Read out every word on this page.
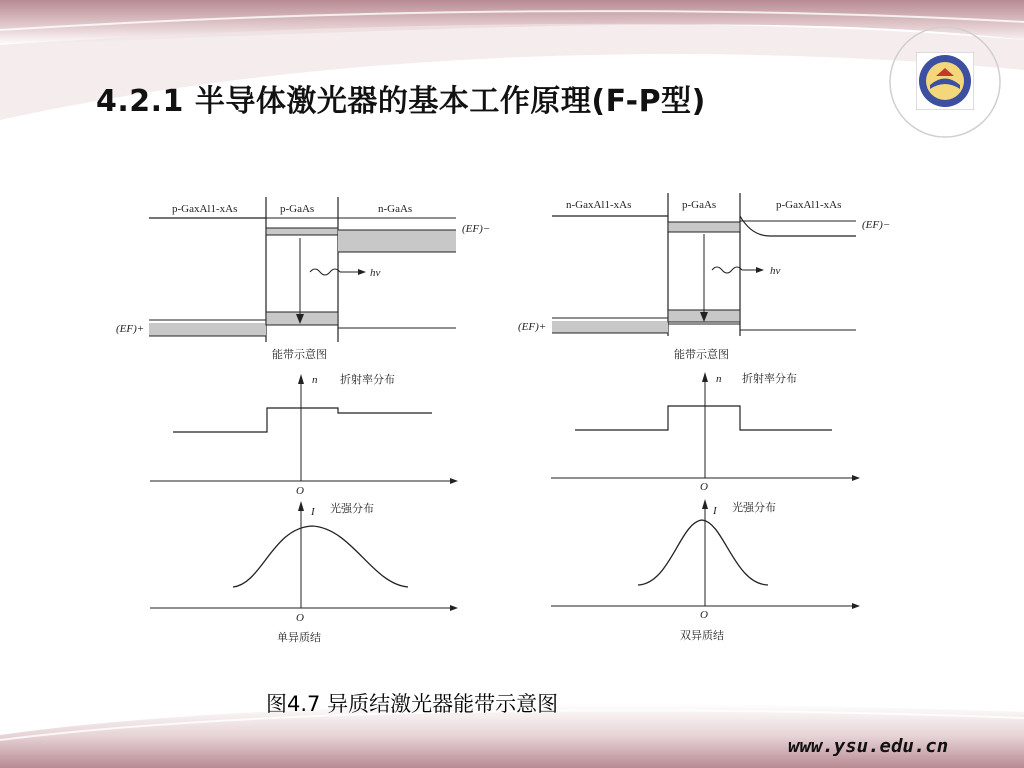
4.2.1 半导体激光器的基本工作原理(F-P型)
p-GaxAl1-xAs	p-GaAs	n-GaAs
(EF)−
(EF)+
hν
能带示意图
n 折射率分布
O
I 光强分布
O
单异质结
n-GaxAl1-xAs	p-GaAs	p-GaxAl1-xAs
(EF)−
(EF)+
hν
能带示意图
n 折射率分布
O
I 光强分布
O
双异质结
图4.7 异质结激光器能带示意图
www.ysu.edu.cn
